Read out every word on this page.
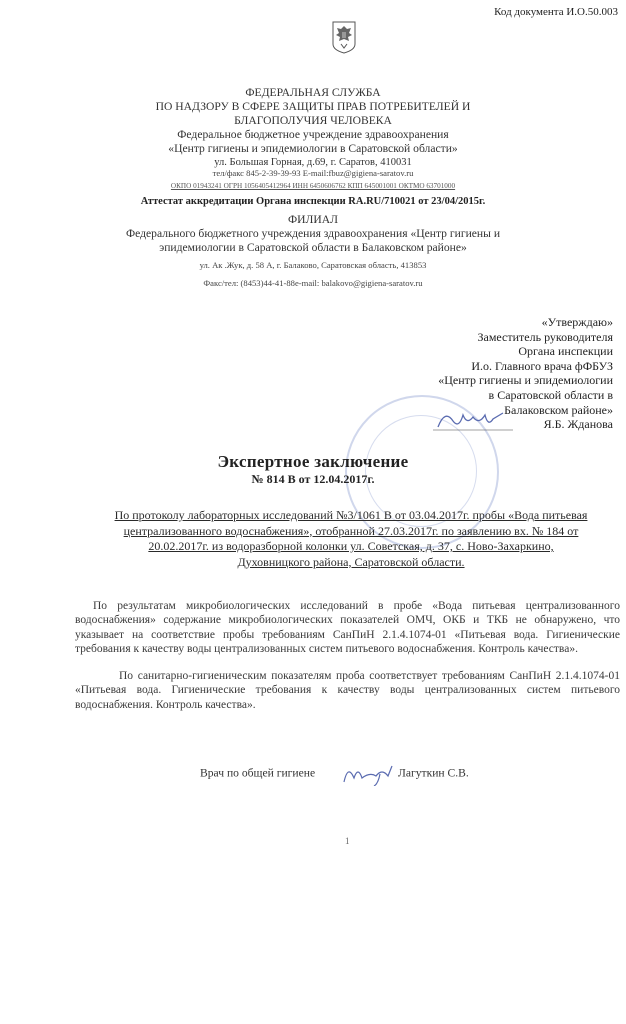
Код документа И.О.50.003
ФЕДЕРАЛЬНАЯ СЛУЖБА
ПО НАДЗОРУ В СФЕРЕ ЗАЩИТЫ ПРАВ ПОТРЕБИТЕЛЕЙ И
БЛАГОПОЛУЧИЯ ЧЕЛОВЕКА
Федеральное бюджетное учреждение здравоохранения
«Центр гигиены и эпидемиологии в Саратовской области»
ул. Большая Горная, д.69, г. Саратов, 410031
тел/факс 845-2-39-39-93 E-mail:fbuz@gigiena-saratov.ru
ОКПО 01943241 ОГРН 1056405412964 ИНН 6450606762 КПП 645001001 ОКТМО 63701000
Аттестат аккредитации Органа инспекции RA.RU/710021 от 23/04/2015г.
ФИЛИАЛ
Федерального бюджетного учреждения здравоохранения «Центр гигиены и
эпидемиологии в Саратовской области в Балаковском районе»
ул. Ак .Жук, д. 58 А, г. Балаково, Саратовская область, 413853
Факс/тел: (8453)44-41-88e-mail: balakovo@gigiena-saratov.ru
«Утверждаю»
Заместитель руководителя
Органа инспекции
И.о. Главного врача фФБУЗ
«Центр гигиены и эпидемиологии
в Саратовской области в
Балаковском районе»
Я.Б. Жданова
Экспертное заключение
№ 814 В от 12.04.2017г.
По протоколу лабораторных исследований №3/1061 В от 03.04.2017г. пробы «Вода питьевая
централизованного водоснабжения», отобранной 27.03.2017г. по заявлению вх. № 184 от
20.02.2017г. из водоразборной колонки ул. Советская, д. 37, с. Ново-Захаркино,
Духовницкого района, Саратовской области.
По результатам микробиологических исследований в пробе «Вода питьевая централизованного водоснабжения» содержание микробиологических показателей ОМЧ, ОКБ и ТКБ не обнаружено, что указывает на соответствие пробы требованиям СанПиН 2.1.4.1074-01 «Питьевая вода. Гигиенические требования к качеству воды централизованных систем питьевого водоснабжения. Контроль качества».
По санитарно-гигиеническим показателям проба соответствует требованиям СанПиН 2.1.4.1074-01 «Питьевая вода. Гигиенические требования к качеству воды централизованных систем питьевого водоснабжения. Контроль качества».
Врач по общей гигиене	Лагуткин С.В.
1
